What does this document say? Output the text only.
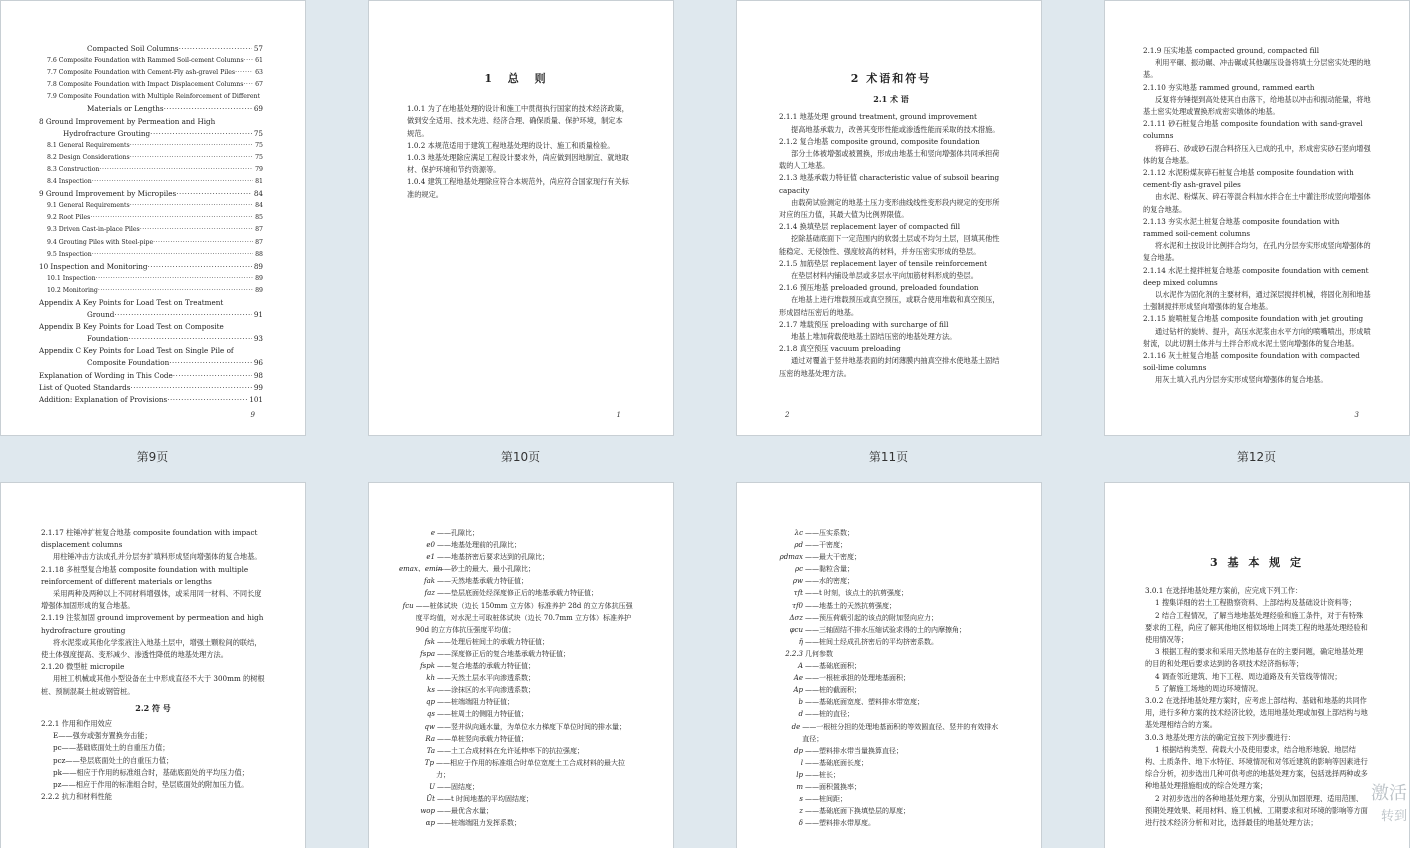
Compacted Soil Columns ·····	57
7.6 Composite Foundation with Rammed Soil-cement Columns ·····	61
7.7 Composite Foundation with Cement-Fly ash-gravel Piles ·····	63
7.8 Composite Foundation with Impact Displacement Columns ·····	67
7.9 Composite Foundation with Multiple Reinforcement of Different
Materials or Lengths ·····	69
8 Ground Improvement by Permeation and High
Hydrofracture Grouting ·····	75
8.1 General Requirements ·····	75
8.2 Design Considerations ·····	75
8.3 Construction ·····	79
8.4 Inspection ·····	81
9 Ground Improvement by Micropiles ·····	84
9.1 General Requirements ·····	84
9.2 Root Piles ·····	85
9.3 Driven Cast-in-place Piles ·····	87
9.4 Grouting Piles with Steel-pipe ·····	87
9.5 Inspection ·····	88
10 Inspection and Monitoring ·····	89
10.1 Inspection ·····	89
10.2 Monitoring ·····	89
Appendix A Key Points for Load Test on Treatment
Ground ·····	91
Appendix B Key Points for Load Test on Composite
Foundation ·····	93
Appendix C Key Points for Load Test on Single Pile of
Composite Foundation ·····	96
Explanation of Wording in This Code ·····	98
List of Quoted Standards ·····	99
Addition: Explanation of Provisions ·····	101
9
第9页
1 总 则
1.0.1 为了在地基处理的设计和施工中贯彻执行国家的技术经济政策，做到安全适用、技术先进、经济合理、确保质量、保护环境，制定本规范。
1.0.2 本规范适用于建筑工程地基处理的设计、施工和质量检验。
1.0.3 地基处理除应满足工程设计要求外，尚应做到因地制宜、就地取材、保护环境和节约资源等。
1.0.4 建筑工程地基处理除应符合本规范外，尚应符合国家现行有关标准的规定。
1
第10页
2 术语和符号
2.1 术 语
2.1.1 地基处理 ground treatment, ground improvement
提高地基承载力，改善其变形性能或渗透性能而采取的技术措施。
2.1.2 复合地基 composite ground, composite foundation
部分土体被增强或被置换，形成由地基土和竖向增强体共同承担荷载的人工地基。
2.1.3 地基承载力特征值 characteristic value of subsoil bearing capacity
由载荷试验测定的地基土压力变形曲线线性变形段内规定的变形所对应的压力值，其最大值为比例界限值。
2.1.4 换填垫层 replacement layer of compacted fill
挖除基础底面下一定范围内的软弱土层或不均匀土层，回填其他性能稳定、无侵蚀性、强度较高的材料，并夯压密实形成的垫层。
2.1.5 加筋垫层 replacement layer of tensile reinforcement
在垫层材料内铺设单层或多层水平向加筋材料形成的垫层。
2.1.6 预压地基 preloaded ground, preloaded foundation
在地基上进行堆载预压或真空预压，或联合使用堆载和真空预压，形成固结压密后的地基。
2.1.7 堆载预压 preloading with surcharge of fill
地基上堆加荷载使地基土固结压密的地基处理方法。
2.1.8 真空预压 vacuum preloading
通过对覆盖于竖井地基表面的封闭薄膜内抽真空排水使地基土固结压密的地基处理方法。
2
第11页
2.1.9 压实地基 compacted ground, compacted fill
利用平碾、振动碾、冲击碾或其他碾压设备将填土分层密实处理的地基。
2.1.10 夯实地基 rammed ground, rammed earth
反复将夯锤提到高处使其自由落下，给地基以冲击和振动能量，将地基土密实处理或置换形成密实墩体的地基。
2.1.11 砂石桩复合地基 composite foundation with sand-gravel columns
将碎石、砂或砂石混合料挤压入已成的孔中，形成密实砂石竖向增强体的复合地基。
2.1.12 水泥粉煤灰碎石桩复合地基 composite foundation with cement-fly ash-gravel piles
由水泥、粉煤灰、碎石等混合料加水拌合在土中灌注形成竖向增强体的复合地基。
2.1.13 夯实水泥土桩复合地基 composite foundation with rammed soil-cement columns
将水泥和土按设计比例拌合均匀，在孔内分层夯实形成竖向增强体的复合地基。
2.1.14 水泥土搅拌桩复合地基 composite foundation with cement deep mixed columns
以水泥作为固化剂的主要材料，通过深层搅拌机械，将固化剂和地基土强制搅拌形成竖向增强体的复合地基。
2.1.15 旋喷桩复合地基 composite foundation with jet grouting
通过钻杆的旋转、提升，高压水泥浆由水平方向的喷嘴喷出，形成喷射流，以此切割土体并与土拌合形成水泥土竖向增强体的复合地基。
2.1.16 灰土桩复合地基 composite foundation with compacted soil-lime columns
用灰土填入孔内分层夯实形成竖向增强体的复合地基。
3
第12页
2.1.17 柱锤冲扩桩复合地基 composite foundation with impact displacement columns
用柱锤冲击方法成孔并分层夯扩填料形成竖向增强体的复合地基。
2.1.18 多桩型复合地基 composite foundation with multiple reinforcement of different materials or lengths
采用两种及两种以上不同材料增强体，或采用同一材料、不同长度增强体加固形成的复合地基。
2.1.19 注浆加固 ground improvement by permeation and high hydrofracture grouting
将水泥浆或其他化学浆液注入地基土层中，增强土颗粒间的联结，使土体强度提高、变形减少、渗透性降低的地基处理方法。
2.1.20 微型桩 micropile
用桩工机械或其他小型设备在土中形成直径不大于 300mm 的树根桩、预制混凝土桩或钢管桩。
2.2 符 号
2.2.1 作用和作用效应
E——强夯或强夯置换夯击能；
pc——基础底面处土的自重压力值；
pcz——垫层底面处土的自重压力值；
pk——相应于作用的标准组合时，基础底面处的平均压力值；
pz——相应于作用的标准组合时，垫层底面处的附加压力值。
2.2.2 抗力和材料性能
e ——孔隙比；
e0 ——地基处理前的孔隙比；
e1 ——地基挤密后要求达到的孔隙比；
emax、emin
——砂土的最大、最小孔隙比；
fak ——天然地基承载力特征值；
faz ——垫层底面处经深度修正后的地基承载力特征值；
fcu ——桩体试块（边长 150mm 立方体）标准养护 28d 的立方体抗压强度平均值，对水泥土可取桩体试块（边长 70.7mm 立方体）标准养护 90d 的立方体抗压强度平均值；
fsk ——处理后桩间土的承载力特征值；
fspa ——深度修正后的复合地基承载力特征值；
fspk ——复合地基的承载力特征值；
kh ——天然土层水平向渗透系数；
ks ——涂抹区的水平向渗透系数；
qp ——桩端端阻力特征值；
qs ——桩周土的侧阻力特征值；
qw ——竖井纵向通水量，为单位水力梯度下单位时间的排水量；
Ra ——单桩竖向承载力特征值；
Ta ——土工合成材料在允许延伸率下的抗拉强度；
Tp ——相应于作用的标准组合时单位宽度土工合成材料的最大拉力；
U ——固结度；
Ūt ——t 时间地基的平均固结度；
wop ——最优含水量；
αp ——桩端端阻力发挥系数；
λc ——压实系数；
ρd ——干密度；
ρdmax ——最大干密度；
ρc ——黏粒含量；
ρw ——水的密度；
τft ——t 时刻，该点土的抗剪强度；
τf0 ——地基土的天然抗剪强度；
Δσz ——预压荷载引起的该点的附加竖向应力；
φcu ——三轴固结不排水压缩试验求得的土的内摩擦角；
η̄ ——桩间土经成孔挤密后的平均挤密系数。
2.2.3 几何参数
A ——基础底面积；
Ae ——一根桩承担的处理地基面积；
Ap ——桩的截面积；
b ——基础底面宽度、塑料排水带宽度；
d ——桩的直径；
de ——一根桩分担的处理地基面积的等效圆直径、竖井的有效排水直径；
dp ——塑料排水带当量换算直径；
l ——基础底面长度；
lp ——桩长；
m ——面积置换率；
s ——桩间距；
z ——基础底面下换填垫层的厚度；
δ ——塑料排水带厚度。
3 基 本 规 定
3.0.1 在选择地基处理方案前，应完成下列工作：
1 搜集详细的岩土工程勘察资料、上部结构及基础设计资料等；
2 结合工程情况，了解当地地基处理经验和施工条件，对于有特殊要求的工程，尚应了解其他地区相似场地上同类工程的地基处理经验和使用情况等；
3 根据工程的要求和采用天然地基存在的主要问题，确定地基处理的目的和处理后要求达到的各项技术经济指标等；
4 调查邻近建筑、地下工程、周边道路及有关管线等情况；
5 了解施工场地的周边环境情况。
3.0.2 在选择地基处理方案时，应考虑上部结构、基础和地基的共同作用，进行多种方案的技术经济比较，选用地基处理或加强上部结构与地基处理相结合的方案。
3.0.3 地基处理方法的确定宜按下列步骤进行：
1 根据结构类型、荷载大小及使用要求，结合地形地貌、地层结构、土质条件、地下水特征、环境情况和对邻近建筑的影响等因素进行综合分析，初步选出几种可供考虑的地基处理方案，包括选择两种或多种地基处理措施组成的综合处理方案；
2 对初步选出的各种地基处理方案，分别从加固原理、适用范围、预期处理效果、耗用材料、施工机械、工期要求和对环境的影响等方面进行技术经济分析和对比，选择最佳的地基处理方法；
激活
转到
